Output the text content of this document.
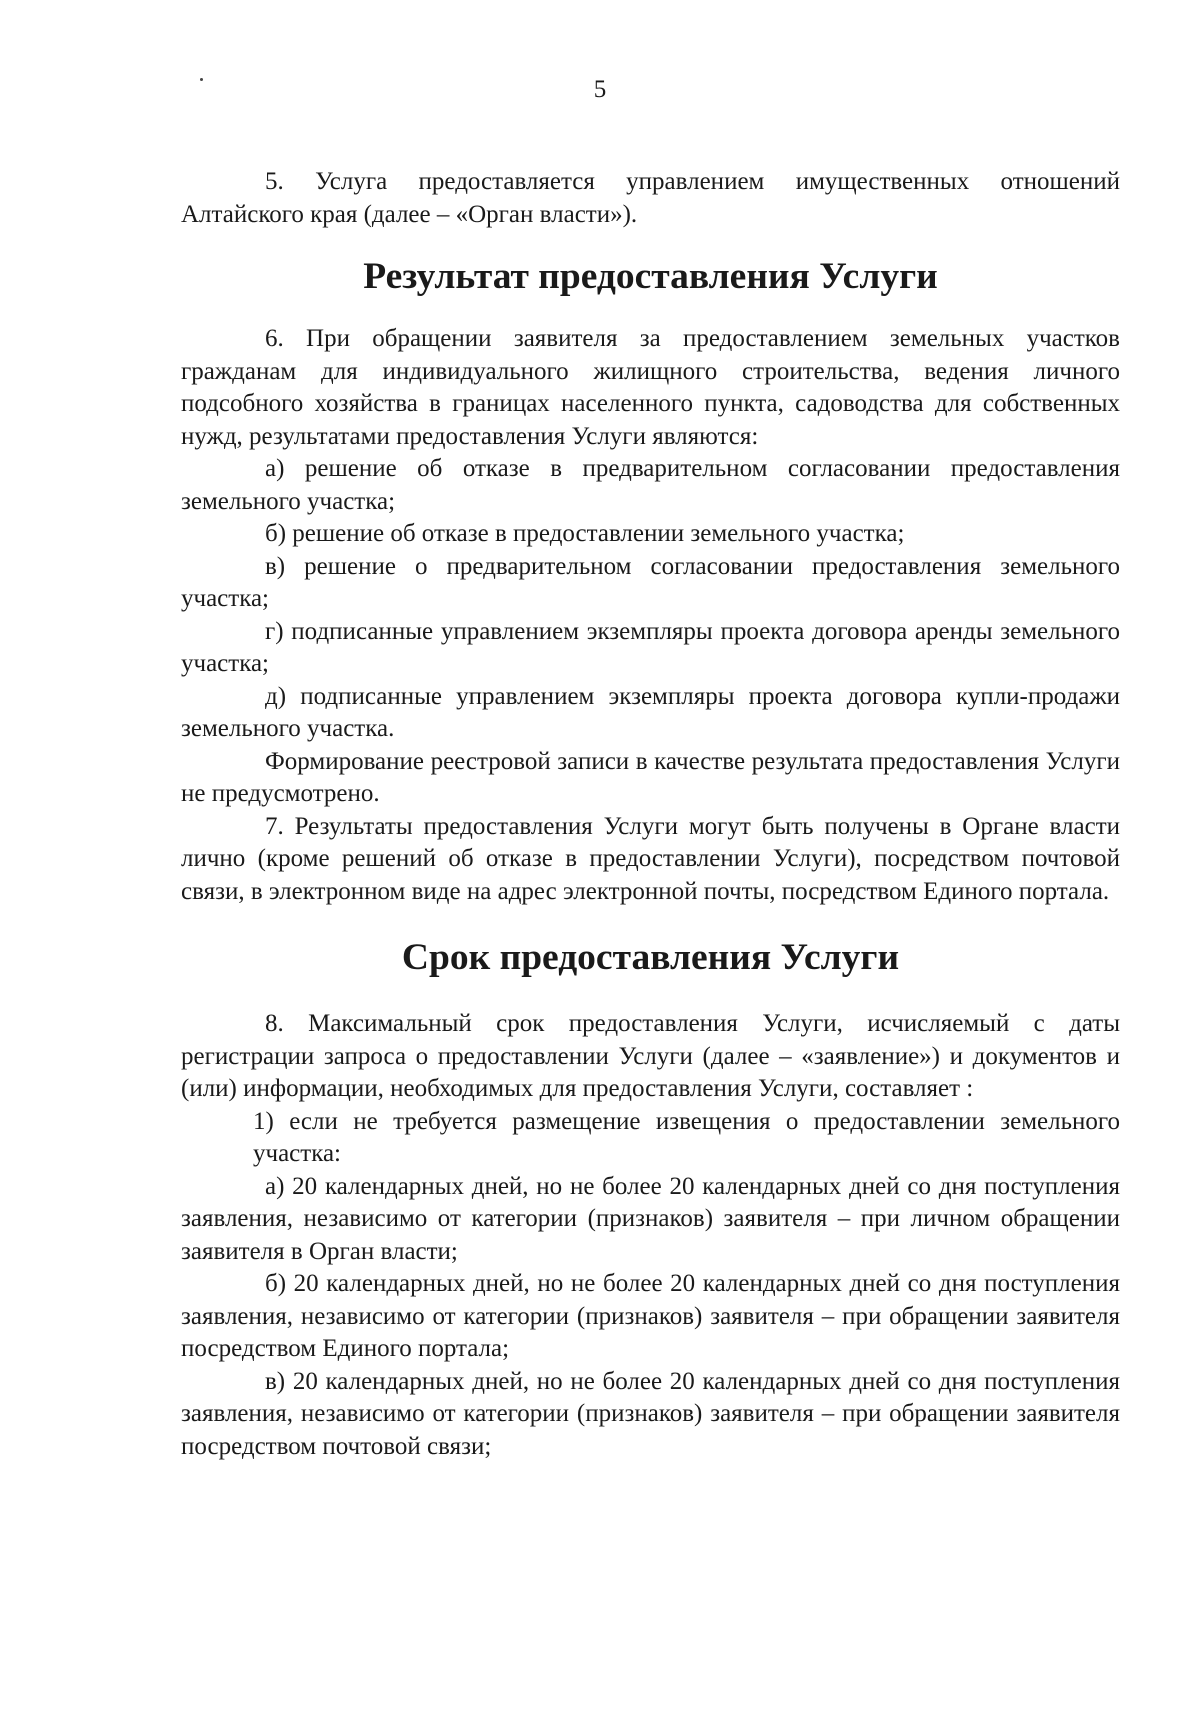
5

5. Услуга предоставляется управлением имущественных отношений Алтайского края (далее – «Орган власти»).

Результат предоставления Услуги

6. При обращении заявителя за предоставлением земельных участков гражданам для индивидуального жилищного строительства, ведения личного подсобного хозяйства в границах населенного пункта, садоводства для собственных нужд, результатами предоставления Услуги являются:

а) решение об отказе в предварительном согласовании предоставления земельного участка;

б) решение об отказе в предоставлении земельного участка;

в) решение о предварительном согласовании предоставления земельного участка;

г) подписанные управлением экземпляры проекта договора аренды земельного участка;

д) подписанные управлением экземпляры проекта договора купли-продажи земельного участка.

Формирование реестровой записи в качестве результата предоставления Услуги не предусмотрено.

7. Результаты предоставления Услуги могут быть получены в Органе власти лично (кроме решений об отказе в предоставлении Услуги), посредством почтовой связи, в электронном виде на адрес электронной почты, посредством Единого портала.

Срок предоставления Услуги

8. Максимальный срок предоставления Услуги, исчисляемый с даты регистрации запроса о предоставлении Услуги (далее – «заявление») и документов и (или) информации, необходимых для предоставления Услуги, составляет :

1) если не требуется размещение извещения о предоставлении земельного участка:

а) 20 календарных дней, но не более 20 календарных дней со дня поступления заявления, независимо от категории (признаков) заявителя – при личном обращении заявителя в Орган власти;

б) 20 календарных дней, но не более 20 календарных дней со дня поступления заявления, независимо от категории (признаков) заявителя – при обращении заявителя посредством Единого портала;

в) 20 календарных дней, но не более 20 календарных дней со дня поступления заявления, независимо от категории (признаков) заявителя – при обращении заявителя посредством почтовой связи;
